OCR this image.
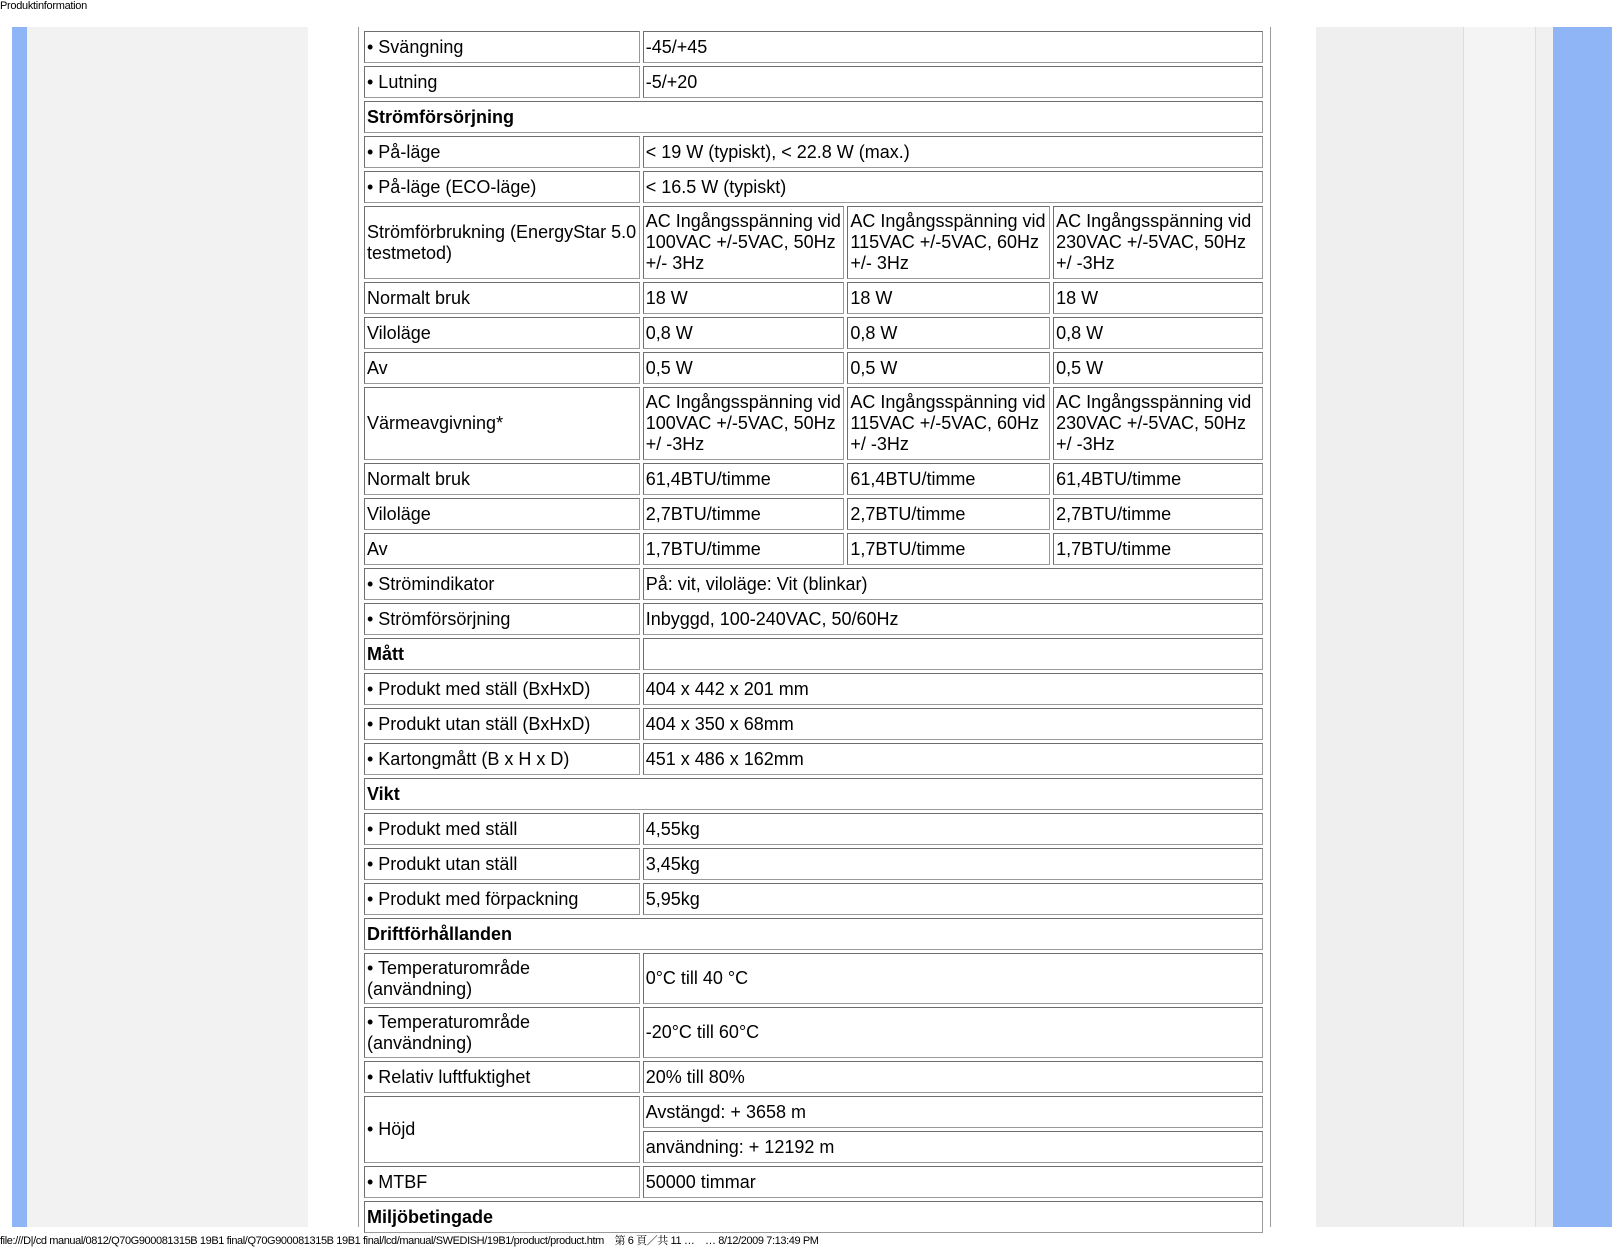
Produktinformation
• Svängning	-45/+45		
• Lutning	-5/+20		
Strömförsörjning			
• På-läge	< 19 W (typiskt), < 22.8 W (max.)		
• På-läge (ECO-läge)	< 16.5 W (typiskt)		
Strömförbrukning (EnergyStar 5.0 testmetod)	AC Ingångsspänning vid 100VAC +/-5VAC, 50Hz +/- 3Hz	AC Ingångsspänning vid 115VAC +/-5VAC, 60Hz +/- 3Hz	AC Ingångsspänning vid 230VAC +/-5VAC, 50Hz +/ -3Hz
Normalt bruk	18 W	18 W	18 W
Viloläge	0,8 W	0,8 W	0,8 W
Av	0,5 W	0,5 W	0,5 W
Värmeavgivning*	AC Ingångsspänning vid 100VAC +/-5VAC, 50Hz +/ -3Hz	AC Ingångsspänning vid 115VAC +/-5VAC, 60Hz +/ -3Hz	AC Ingångsspänning vid 230VAC +/-5VAC, 50Hz +/ -3Hz
Normalt bruk	61,4BTU/timme	61,4BTU/timme	61,4BTU/timme
Viloläge	2,7BTU/timme	2,7BTU/timme	2,7BTU/timme
Av	1,7BTU/timme	1,7BTU/timme	1,7BTU/timme
• Strömindikator	På: vit, viloläge: Vit (blinkar)		
• Strömförsörjning	Inbyggd, 100-240VAC, 50/60Hz		
Mått			
• Produkt med ställ (BxHxD)	404 x 442 x 201 mm		
• Produkt utan ställ (BxHxD)	404 x 350 x 68mm		
• Kartongmått (B x H x D)	451 x 486 x 162mm		
Vikt			
• Produkt med ställ	4,55kg		
• Produkt utan ställ	3,45kg		
• Produkt med förpackning	5,95kg		
Driftförhållanden			
• Temperaturområde (användning)	0°C till 40 °C		
• Temperaturområde (användning)	-20°C till 60°C		
• Relativ luftfuktighet	20% till 80%		
• Höjd	Avstängd: + 3658 m		
	användning: + 12192 m		
• MTBF	50000 timmar		
Miljöbetingade			
file:///D|/cd manual/0812/Q70G900081315B 19B1 final/Q70G900081315B 19B1 final/lcd/manual/SWEDISH/19B1/product/product.htm　第 6 頁／共 11 …　… 8/12/2009 7:13:49 PM
